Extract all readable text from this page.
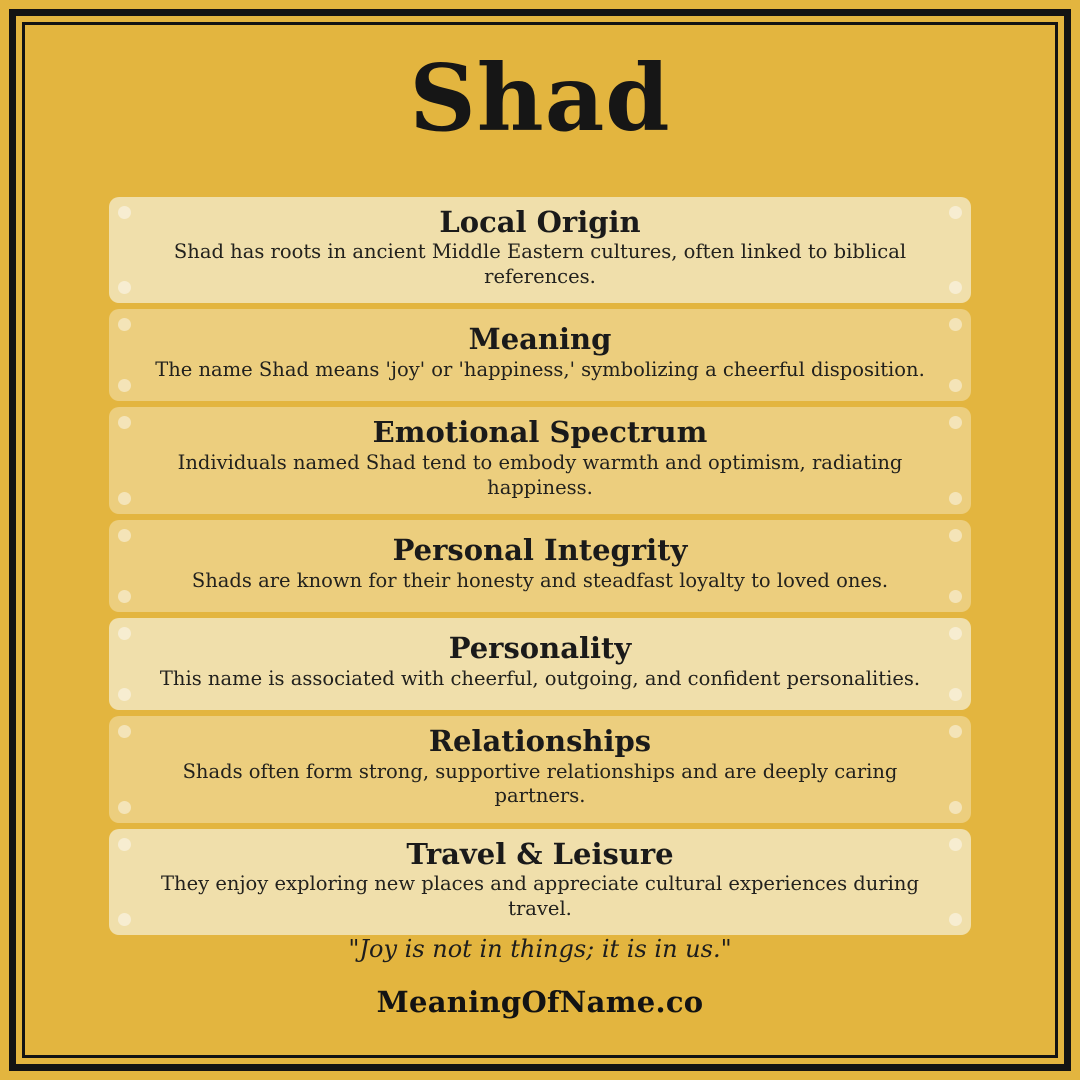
Shad
Local Origin
Shad has roots in ancient Middle Eastern cultures, often linked to biblical references.
Meaning
The name Shad means 'joy' or 'happiness,' symbolizing a cheerful disposition.
Emotional Spectrum
Individuals named Shad tend to embody warmth and optimism, radiating happiness.
Personal Integrity
Shads are known for their honesty and steadfast loyalty to loved ones.
Personality
This name is associated with cheerful, outgoing, and confident personalities.
Relationships
Shads often form strong, supportive relationships and are deeply caring partners.
Travel & Leisure
They enjoy exploring new places and appreciate cultural experiences during travel.
"Joy is not in things; it is in us."
MeaningOfName.co
